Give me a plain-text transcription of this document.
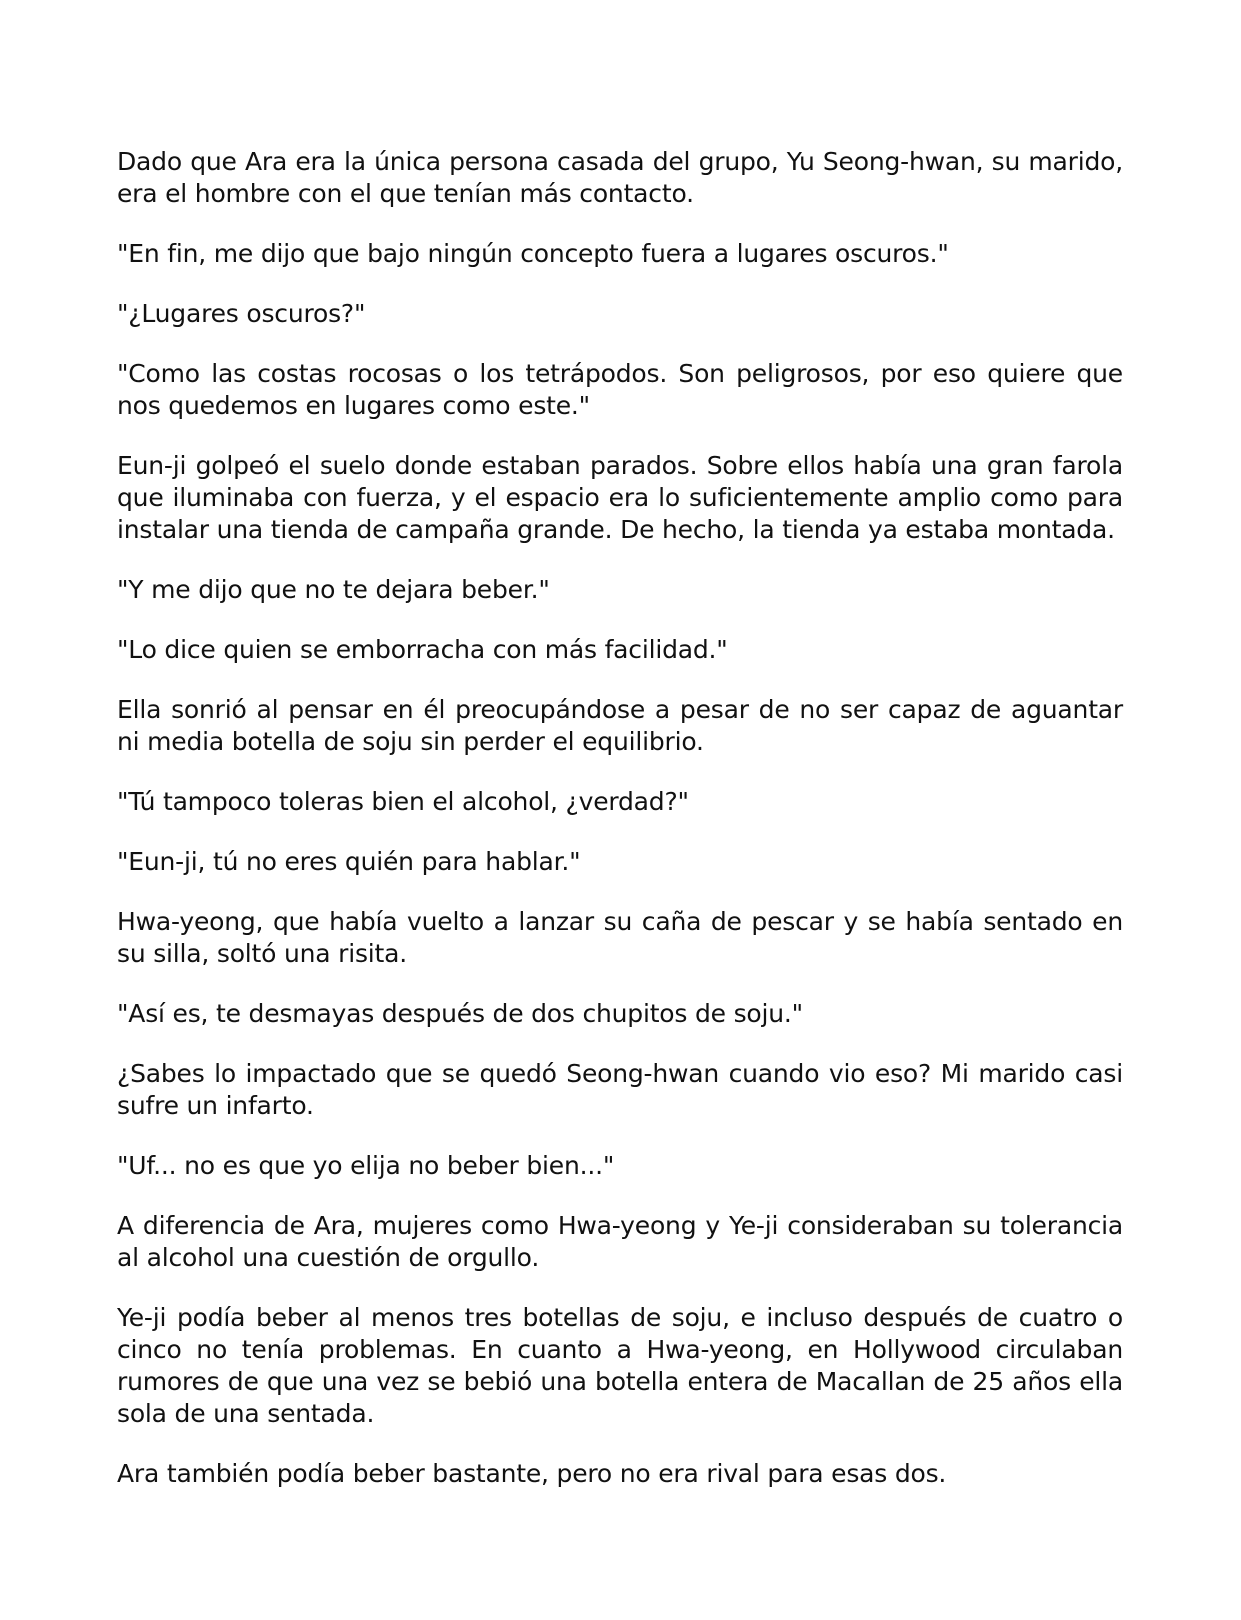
Dado que Ara era la única persona casada del grupo, Yu Seong-hwan, su marido, era el hombre con el que tenían más contacto.

"En fin, me dijo que bajo ningún concepto fuera a lugares oscuros."

"¿Lugares oscuros?"

"Como las costas rocosas o los tetrápodos. Son peligrosos, por eso quiere que nos quedemos en lugares como este."

Eun-ji golpeó el suelo donde estaban parados. Sobre ellos había una gran farola que iluminaba con fuerza, y el espacio era lo suficientemente amplio como para instalar una tienda de campaña grande. De hecho, la tienda ya estaba montada.

"Y me dijo que no te dejara beber."

"Lo dice quien se emborracha con más facilidad."

Ella sonrió al pensar en él preocupándose a pesar de no ser capaz de aguantar ni media botella de soju sin perder el equilibrio.

"Tú tampoco toleras bien el alcohol, ¿verdad?"

"Eun-ji, tú no eres quién para hablar."

Hwa-yeong, que había vuelto a lanzar su caña de pescar y se había sentado en su silla, soltó una risita.

"Así es, te desmayas después de dos chupitos de soju."

¿Sabes lo impactado que se quedó Seong-hwan cuando vio eso? Mi marido casi sufre un infarto.

"Uf... no es que yo elija no beber bien..."

A diferencia de Ara, mujeres como Hwa-yeong y Ye-ji consideraban su tolerancia al alcohol una cuestión de orgullo.

Ye-ji podía beber al menos tres botellas de soju, e incluso después de cuatro o cinco no tenía problemas. En cuanto a Hwa-yeong, en Hollywood circulaban rumores de que una vez se bebió una botella entera de Macallan de 25 años ella sola de una sentada.

Ara también podía beber bastante, pero no era rival para esas dos.
